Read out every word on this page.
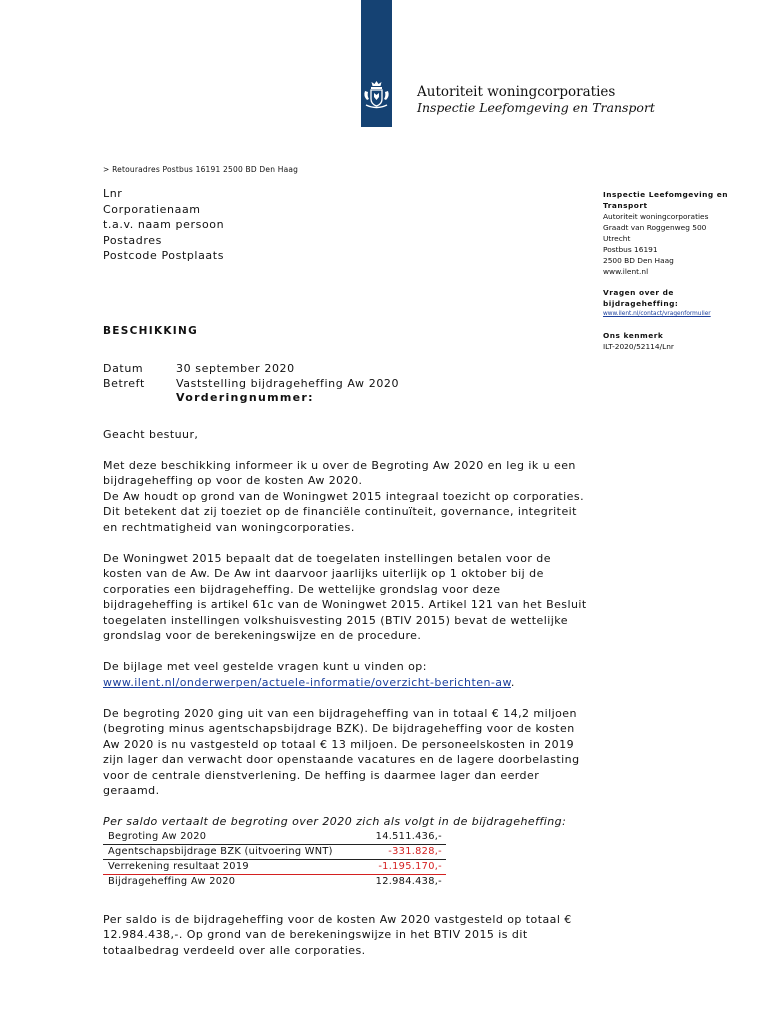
Autoriteit woningcorporaties
Inspectie Leefomgeving en Transport
> Retouradres Postbus 16191 2500 BD Den Haag
Lnr
Corporatienaam
t.a.v. naam persoon
Postadres
Postcode Postplaats
Inspectie Leefomgeving en Transport
Autoriteit woningcorporaties
Graadt van Roggenweg 500
Utrecht
Postbus 16191
2500 BD Den Haag
www.ilent.nl
Vragen over de
bijdrageheffing:
www.ilent.nl/contact/vragenformulier
Ons kenmerk
ILT-2020/52114/Lnr
BESCHIKKING
Datum	30 september 2020
Betreft	Vaststelling bijdrageheffing Aw 2020
Vorderingnummer:

Geacht bestuur,

Met deze beschikking informeer ik u over de Begroting Aw 2020 en leg ik u een bijdrageheffing op voor de kosten Aw 2020.

De Aw houdt op grond van de Woningwet 2015 integraal toezicht op corporaties. Dit betekent dat zij toeziet op de financiële continuïteit, governance, integriteit en rechtmatigheid van woningcorporaties.

De Woningwet 2015 bepaalt dat de toegelaten instellingen betalen voor de kosten van de Aw. De Aw int daarvoor jaarlijks uiterlijk op 1 oktober bij de corporaties een bijdrageheffing. De wettelijke grondslag voor deze bijdrageheffing is artikel 61c van de Woningwet 2015. Artikel 121 van het Besluit toegelaten instellingen volkshuisvesting 2015 (BTIV 2015) bevat de wettelijke grondslag voor de berekeningswijze en de procedure.

De bijlage met veel gestelde vragen kunt u vinden op:

www.ilent.nl/onderwerpen/actuele-informatie/overzicht-berichten-aw.

De begroting 2020 ging uit van een bijdrageheffing van in totaal € 14,2 miljoen (begroting minus agentschapsbijdrage BZK). De bijdrageheffing voor de kosten Aw 2020 is nu vastgesteld op totaal € 13 miljoen. De personeelskosten in 2019 zijn lager dan verwacht door openstaande vacatures en de lagere doorbelasting voor de centrale dienstverlening. De heffing is daarmee lager dan eerder geraamd.

Per saldo vertaalt de begroting over 2020 zich als volgt in de bijdrageheffing:

Begroting Aw 2020	14.511.436,-
Agentschapsbijdrage BZK (uitvoering WNT)	-331.828,-
Verrekening resultaat 2019	-1.195.170,-
Bijdrageheffing Aw 2020	12.984.438,-

Per saldo is de bijdrageheffing voor de kosten Aw 2020 vastgesteld op totaal € 12.984.438,-. Op grond van de berekeningswijze in het BTIV 2015 is dit totaalbedrag verdeeld over alle corporaties.
